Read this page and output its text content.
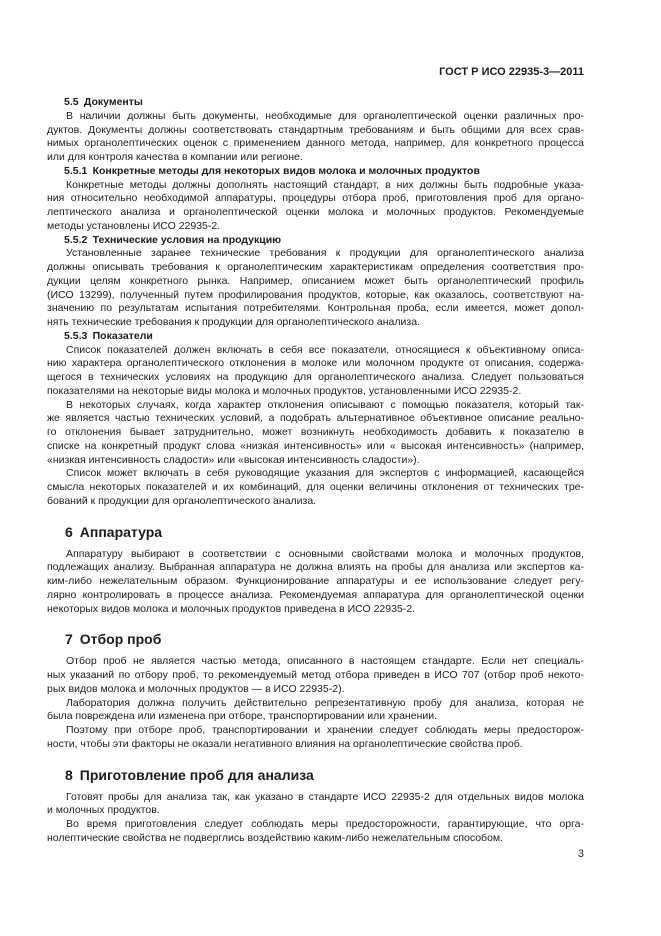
ГОСТ Р ИСО 22935-3—2011
5.5 Документы
В наличии должны быть документы, необходимые для органолептической оценки различных про-
дуктов. Документы должны соответствовать стандартным требованиям и быть общими для всех срав-
нимых органолептических оценок с применением данного метода, например, для конкретного процесса
или для контроля качества в компании или регионе.
5.5.1 Конкретные методы для некоторых видов молока и молочных продуктов
Конкретные методы должны дополнять настоящий стандарт, в них должны быть подробные указа-
ния относительно необходимой аппаратуры, процедуры отбора проб, приготовления проб для органо-
лептического анализа и органолептической оценки молока и молочных продуктов. Рекомендуемые
методы установлены ИСО 22935-2.
5.5.2 Технические условия на продукцию
Установленные заранее технические требования к продукции для органолептического анализа
должны описывать требования к органолептическим характеристикам определения соответствия про-
дукции целям конкретного рынка. Например, описанием может быть органолептический профиль
(ИСО 13299), полученный путем профилирования продуктов, которые, как оказалось, соответствуют на-
значению по результатам испытания потребителями. Контрольная проба, если имеется, может допол-
нять технические требования к продукции для органолептического анализа.
5.5.3 Показатели
Список показателей должен включать в себя все показатели, относящиеся к объективному описа-
нию характера органолептического отклонения в молоке или молочном продукте от описания, содержа-
щегося в технических условиях на продукцию для органолептического анализа. Следует пользоваться
показателями на некоторые виды молока и молочных продуктов, установленными ИСО 22935-2.
В некоторых случаях, когда характер отклонения описывают с помощью показателя, который так-
же является частью технических условий, а подобрать альтернативное объективное описание реально-
го отклонения бывает затруднительно, может возникнуть необходимость добавить к показателю в
списке на конкретный продукт слова «низкая интенсивность» или « высокая интенсивность» (например,
«низкая интенсивность сладости» или «высокая интенсивность сладости»).
Список может включать в себя руководящие указания для экспертов с информацией, касающейся
смысла некоторых показателей и их комбинаций, для оценки величины отклонения от технических тре-
бований к продукции для органолептического анализа.
6 Аппаратура
Аппаратуру выбирают в соответствии с основными свойствами молока и молочных продуктов,
подлежащих анализу. Выбранная аппаратура не должна влиять на пробы для анализа или экспертов ка-
ким-либо нежелательным образом. Функционирование аппаратуры и ее использование следует регу-
лярно контролировать в процессе анализа. Рекомендуемая аппаратура для органолептической оценки
некоторых видов молока и молочных продуктов приведена в ИСО 22935-2.
7 Отбор проб
Отбор проб не является частью метода, описанного в настоящем стандарте. Если нет специаль-
ных указаний по отбору проб, то рекомендуемый метод отбора приведен в ИСО 707 (отбор проб некото-
рых видов молока и молочных продуктов — в ИСО 22935-2).
Лаборатория должна получить действительно репрезентативную пробу для анализа, которая не
была повреждена или изменена при отборе, транспортировании или хранении.
Поэтому при отборе проб, транспортировании и хранении следует соблюдать меры предосторож-
ности, чтобы эти факторы не оказали негативного влияния на органолептические свойства проб.
8 Приготовление проб для анализа
Готовят пробы для анализа так, как указано в стандарте ИСО 22935-2 для отдельных видов молока
и молочных продуктов.
Во время приготовления следует соблюдать меры предосторожности, гарантирующие, что орга-
нолептические свойства не подверглись воздействию каким-либо нежелательным способом.
3
